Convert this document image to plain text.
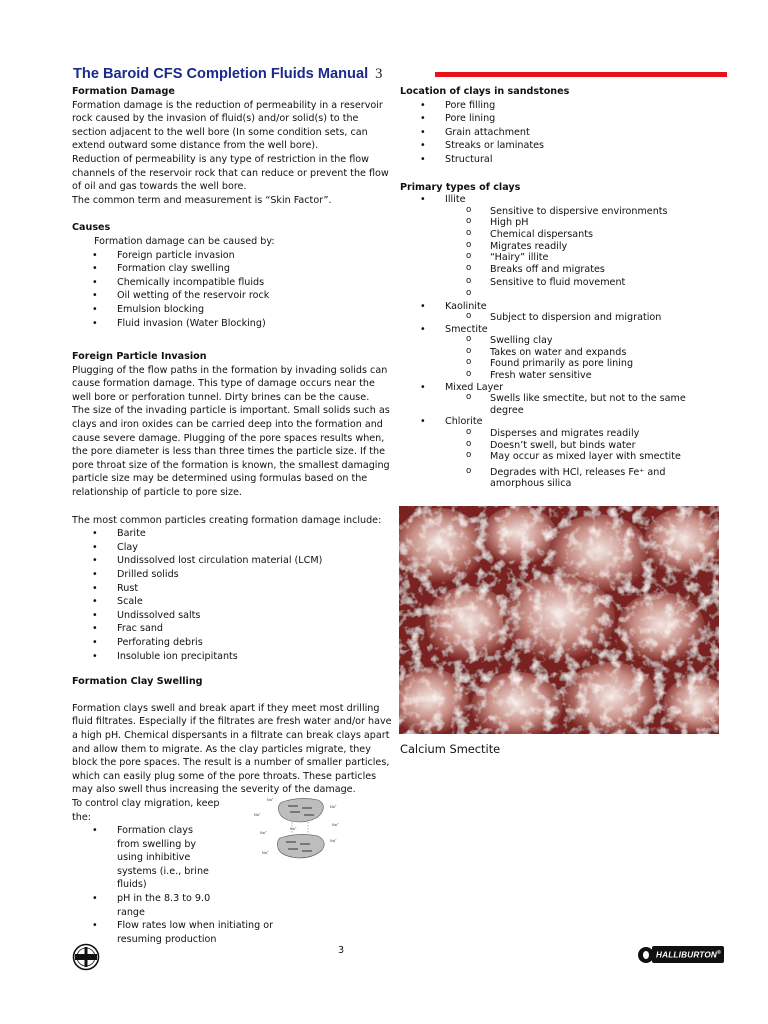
The Baroid CFS Completion Fluids Manual 3

Formation Damage

Formation damage is the reduction of permeability in a reservoir rock caused by the invasion of fluid(s) and/or solid(s) to the section adjacent to the well bore (In some condition sets, can extend outward some distance from the well bore).

Reduction of permeability is any type of restriction in the flow channels of the reservoir rock that can reduce or prevent the flow of oil and gas towards the well bore.

The common term and measurement is “Skin Factor”.

Causes

Formation damage can be caused by:

• Foreign particle invasion
• Formation clay swelling
• Chemically incompatible fluids
• Oil wetting of the reservoir rock
• Emulsion blocking
• Fluid invasion (Water Blocking)

Foreign Particle Invasion

Plugging of the flow paths in the formation by invading solids can cause formation damage. This type of damage occurs near the well bore or perforation tunnel. Dirty brines can be the cause.

The size of the invading particle is important. Small solids such as clays and iron oxides can be carried deep into the formation and cause severe damage. Plugging of the pore spaces results when, the pore diameter is less than three times the particle size. If the pore throat size of the formation is known, the smallest damaging particle size may be determined using formulas based on the relationship of particle to pore size.

The most common particles creating formation damage include:

• Barite
• Clay
• Undissolved lost circulation material (LCM)
• Drilled solids
• Rust
• Scale
• Undissolved salts
• Frac sand
• Perforating debris
• Insoluble ion precipitants

Formation Clay Swelling

Formation clays swell and break apart if they meet most drilling fluid filtrates. Especially if the filtrates are fresh water and/or have a high pH. Chemical dispersants in a filtrate can break clays apart and allow them to migrate. As the clay particles migrate, they block the pore spaces. The result is a number of smaller particles, which can easily plug some of the pore throats. These particles may also swell thus increasing the severity of the damage.

To control clay migration, keep the:

• Formation clays from swelling by using inhibitive systems (i.e., brine fluids)
• pH in the 8.3 to 9.0 range
• Flow rates low when initiating or resuming production
Na⁺
Na⁺
Na⁺
Na⁺
Na⁺
Na⁺
Na⁺
Na⁺

Location of clays in sandstones

• Pore filling
• Pore lining
• Grain attachment
• Streaks or laminates
• Structural

Primary types of clays

• Illite
o Sensitive to dispersive environments
o High pH
o Chemical dispersants
o Migrates readily
o “Hairy” illite
o Breaks off and migrates
o Sensitive to fluid movement
o
• Kaolinite
o Subject to dispersion and migration
• Smectite
o Swelling clay
o Takes on water and expands
o Found primarily as pore lining
o Fresh water sensitive
• Mixed Layer
o Swells like smectite, but not to the same degree
• Chlorite
o Disperses and migrates readily
o Doesn’t swell, but binds water
o May occur as mixed layer with smectite
o Degrades with HCl, releases Fe⁺ and amorphous silica
Calcium Smectite
3	HALLIBURTON®
